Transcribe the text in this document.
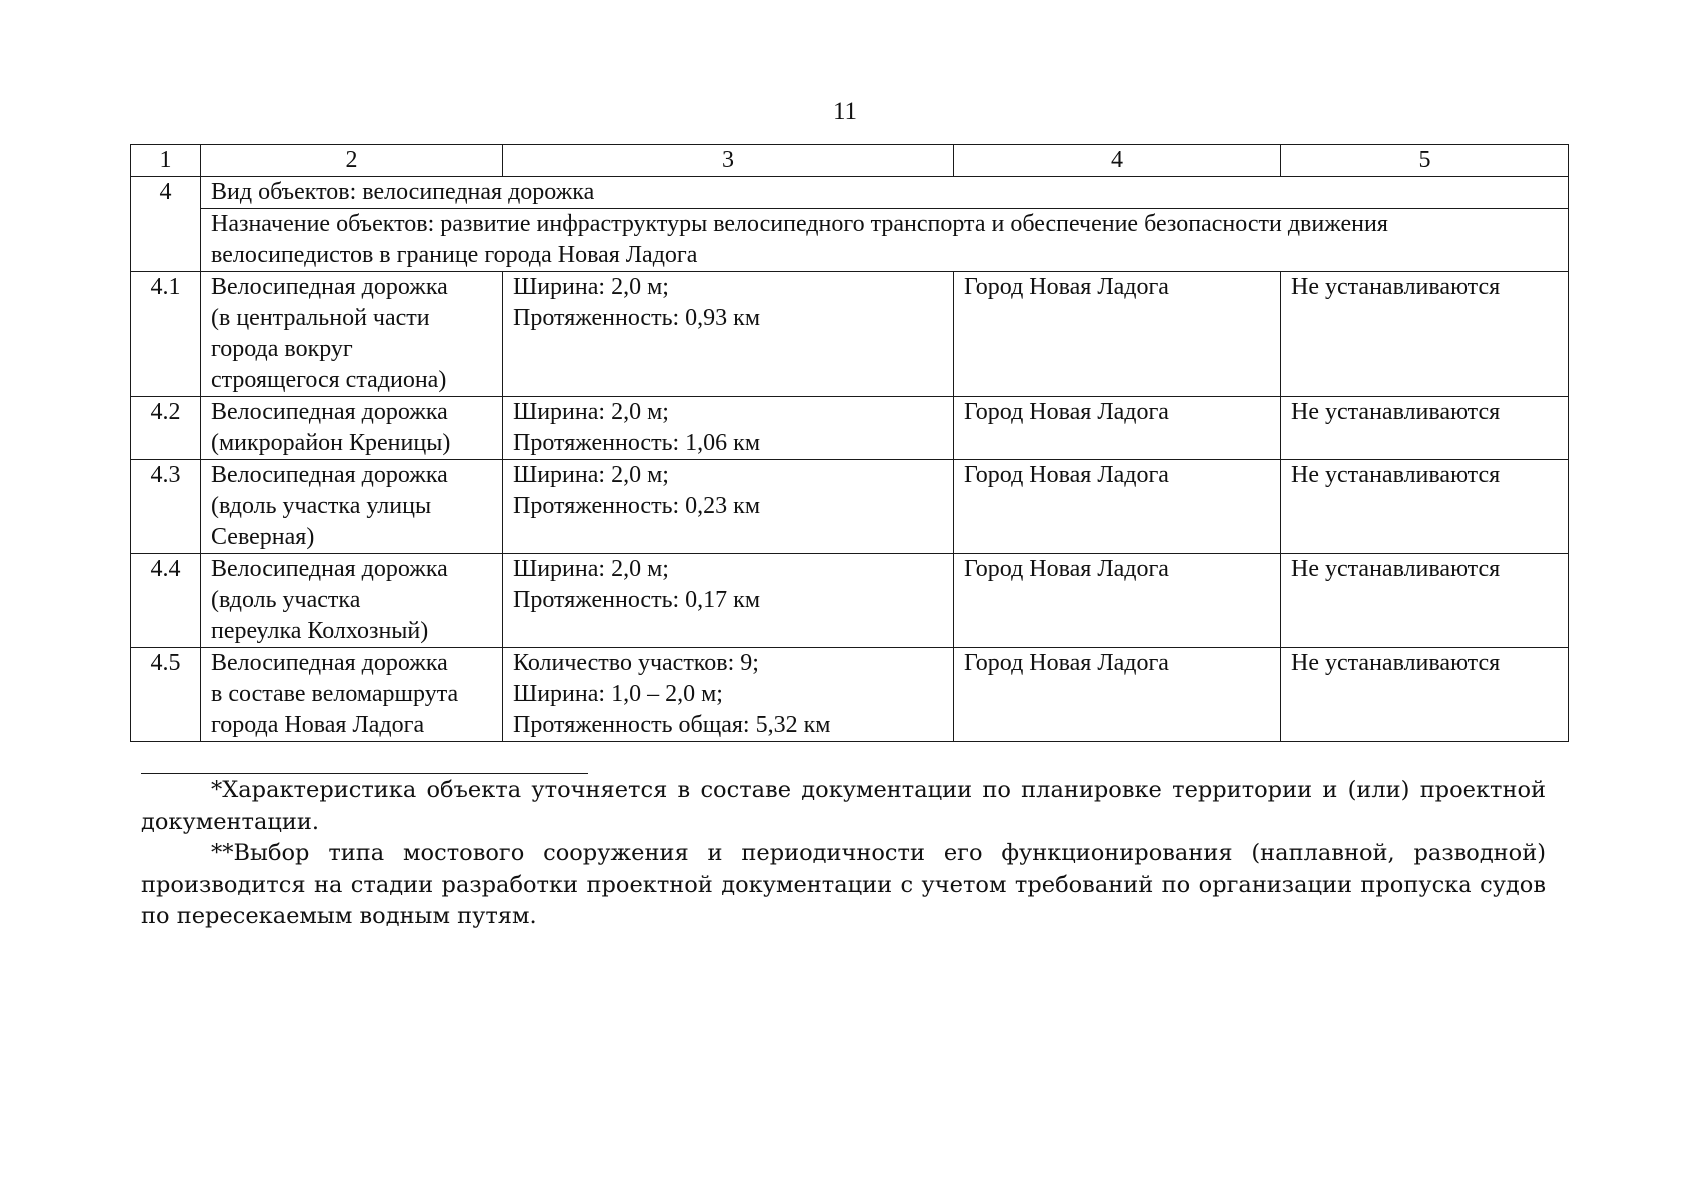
11
1	2	3	4	5
4	Вид объектов: велосипедная дорожка			

	Назначение объектов: развитие инфраструктуры велосипедного транспорта и обеспечение безопасности движения
велосипедистов в границе города Новая Ладога			

4.1	Велосипедная дорожка
(в центральной части
города вокруг
строящегося стадиона)	Ширина: 2,0 м;
Протяженность: 0,93 км	Город Новая Ладога	Не устанавливаются

4.2	Велосипедная дорожка
(микрорайон Креницы)	Ширина: 2,0 м;
Протяженность: 1,06 км	Город Новая Ладога	Не устанавливаются

4.3	Велосипедная дорожка
(вдоль участка улицы
Северная)	Ширина: 2,0 м;
Протяженность: 0,23 км	Город Новая Ладога	Не устанавливаются

4.4	Велосипедная дорожка
(вдоль участка
переулка Колхозный)	Ширина: 2,0 м;
Протяженность: 0,17 км	Город Новая Ладога	Не устанавливаются

4.5	Велосипедная дорожка
в составе веломаршрута
города Новая Ладога	Количество участков: 9;
Ширина: 1,0 – 2,0 м;
Протяженность общая: 5,32 км	Город Новая Ладога	Не устанавливаются

*Характеристика объекта уточняется в составе документации по планировке территории и (или) проектной документации.

**Выбор типа мостового сооружения и периодичности его функционирования (наплавной, разводной) производится на стадии разработки проектной документации с учетом требований по организации пропуска судов по пересекаемым водным путям.
